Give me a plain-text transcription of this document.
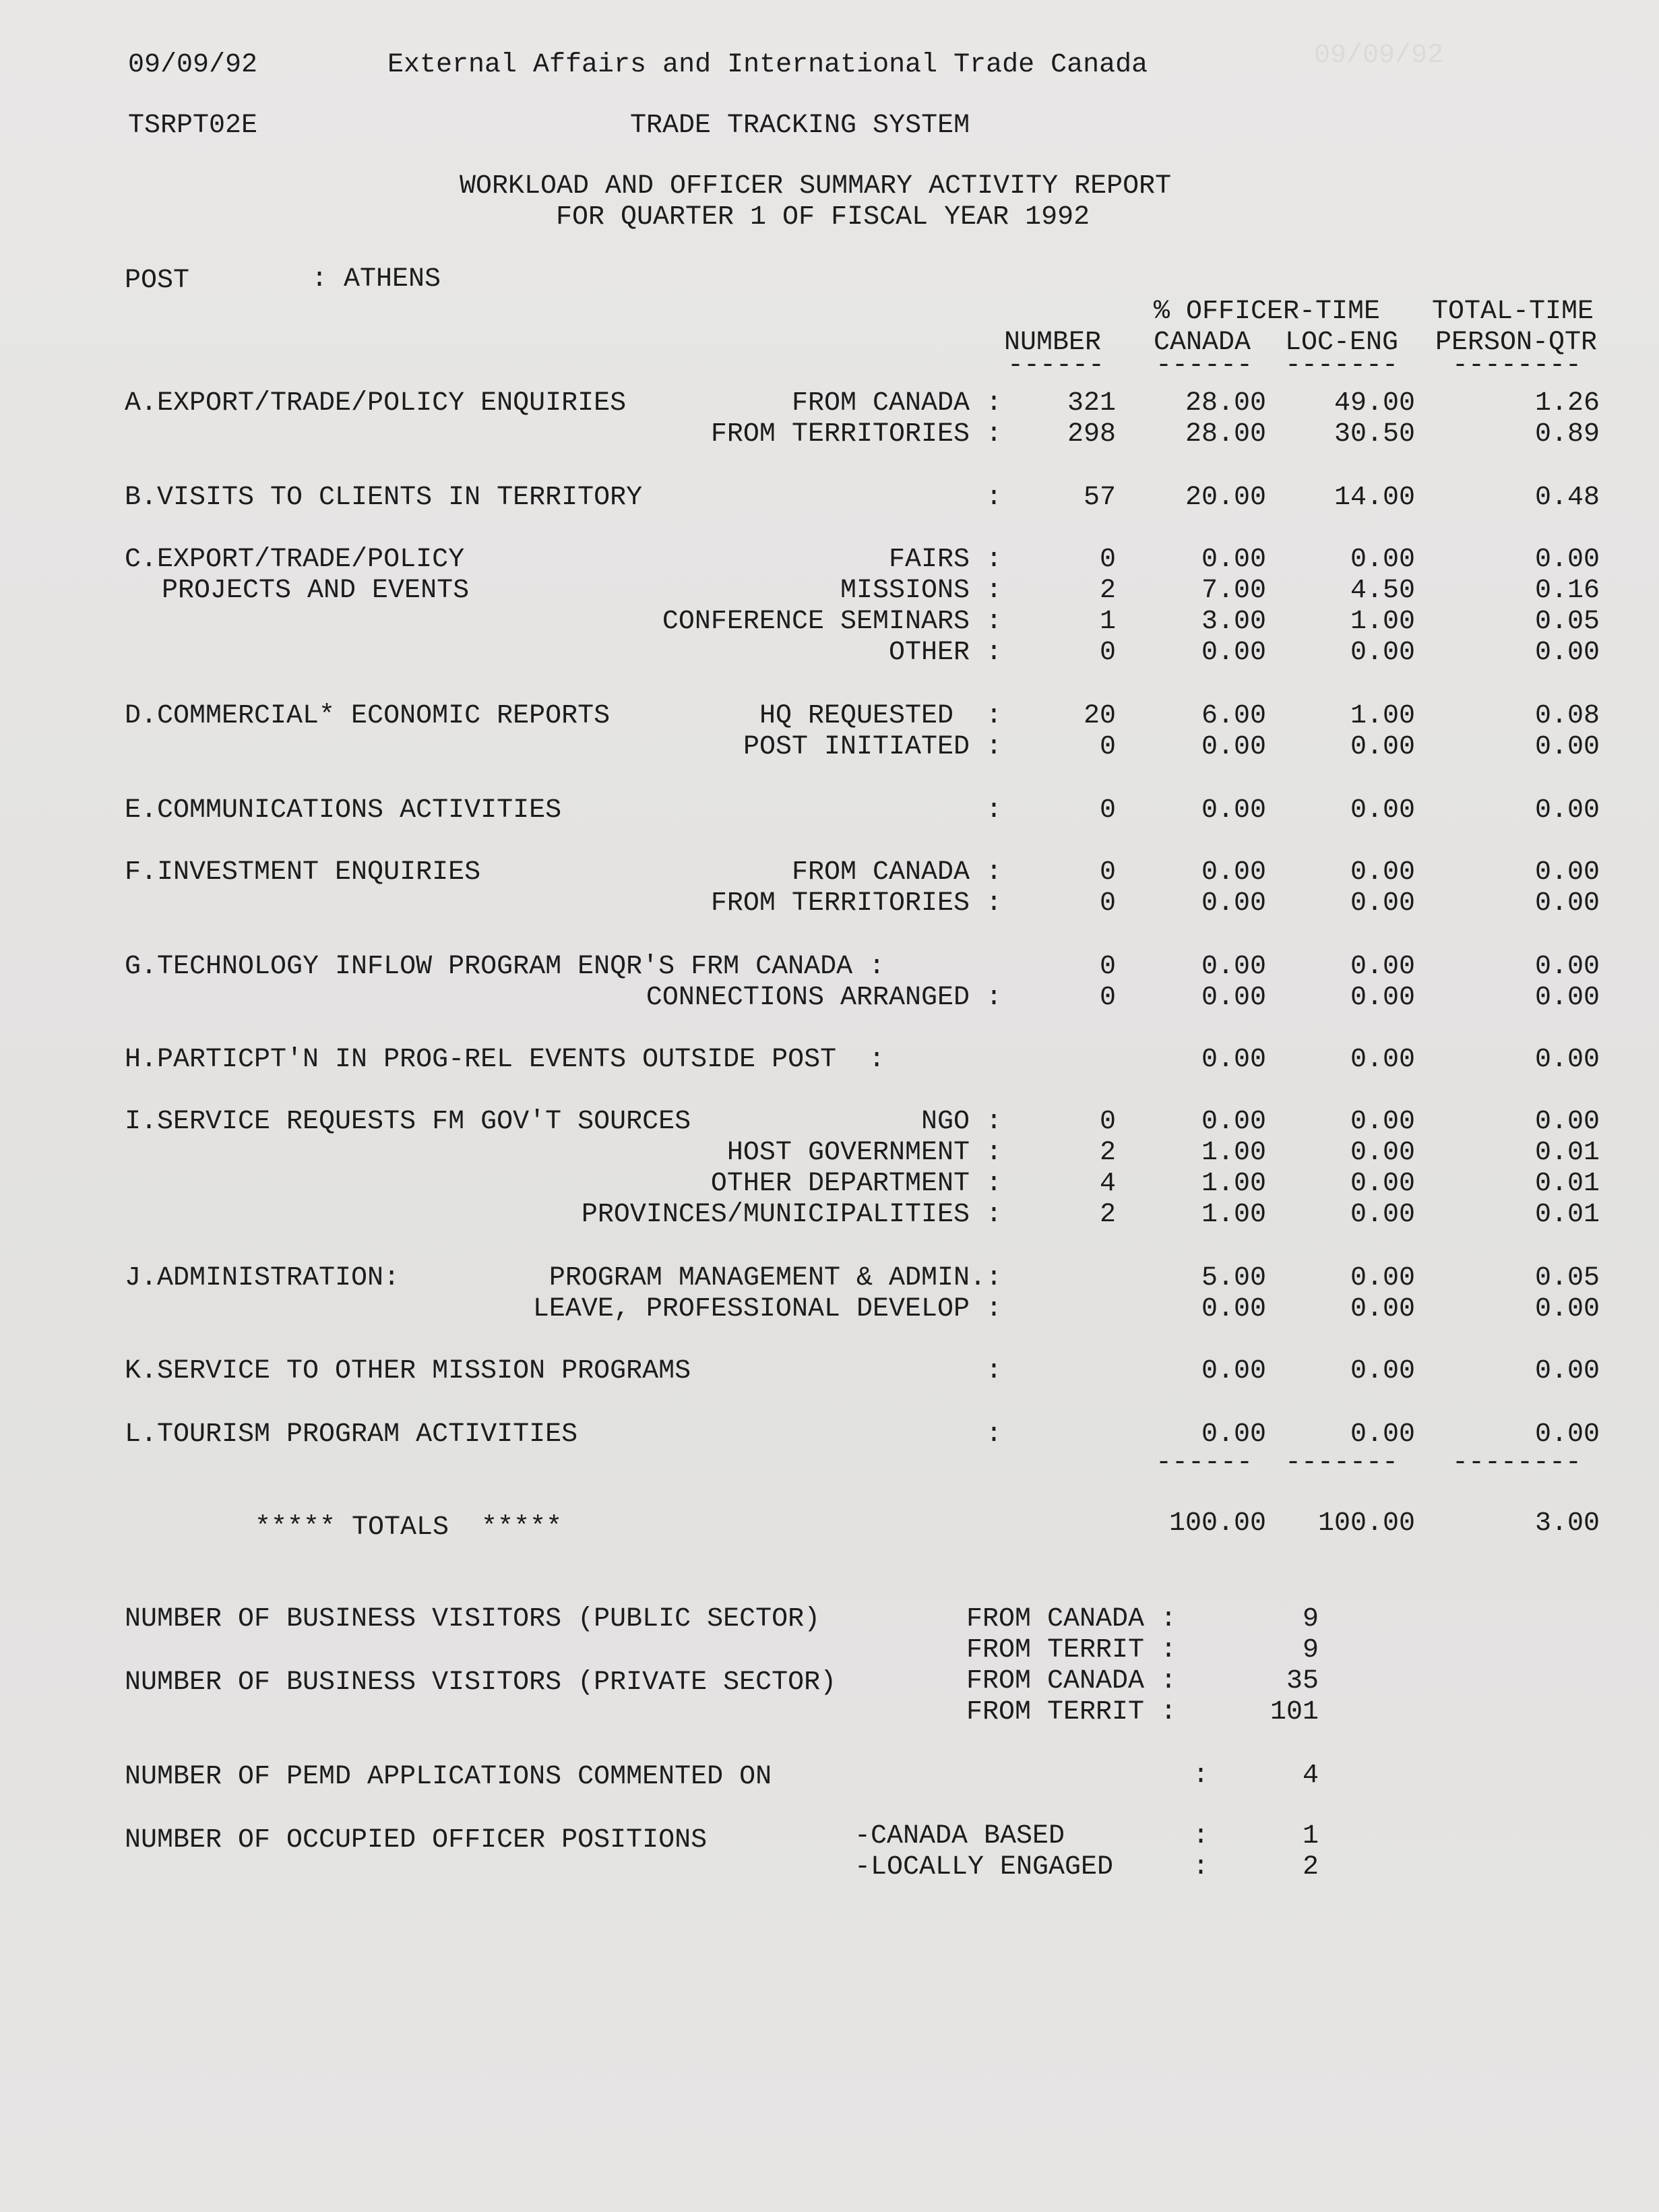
09/09/92
09/09/92	External Affairs and International Trade Canada
TSRPT02E	TRADE TRACKING SYSTEM
WORKLOAD AND OFFICER SUMMARY ACTIVITY REPORT
FOR QUARTER 1 OF FISCAL YEAR 1992
POST	: ATHENS
% OFFICER-TIME TOTAL-TIME
NUMBER CANADA LOC-ENG PERSON-QTR
------ ------ ------- --------
A.EXPORT/TRADE/POLICY ENQUIRIES	FROM CANADA : 321	28.00	49.00	1.26
FROM TERRITORIES : 298	28.00	30.50	0.89
B.VISITS TO CLIENTS IN TERRITORY	:	57	20.00	14.00	0.48
C.EXPORT/TRADE/POLICY
PROJECTS AND EVENTS
FAIRS :	0	0.00	0.00	0.00
MISSIONS :	2	7.00	4.50	0.16
CONFERENCE SEMINARS :	1	3.00	1.00	0.05
OTHER :	0	0.00	0.00	0.00
D.COMMERCIAL* ECONOMIC REPORTS	HQ REQUESTED  :	20	6.00	1.00	0.08
POST INITIATED :	0	0.00	0.00	0.00
E.COMMUNICATIONS ACTIVITIES	:	0	0.00	0.00	0.00
F.INVESTMENT ENQUIRIES	FROM CANADA :	0	0.00	0.00	0.00
FROM TERRITORIES :	0	0.00	0.00	0.00
G.TECHNOLOGY INFLOW PROGRAM ENQR'S FRM CANADA :	0	0.00	0.00	0.00
CONNECTIONS ARRANGED :	0	0.00	0.00	0.00
H.PARTICPT'N IN PROG-REL EVENTS OUTSIDE POST  :	0.00	0.00	0.00
I.SERVICE REQUESTS FM GOV'T SOURCES	NGO :	0	0.00	0.00	0.00
HOST GOVERNMENT :	2	1.00	0.00	0.01
OTHER DEPARTMENT :	4	1.00	0.00	0.01
PROVINCES/MUNICIPALITIES :	2	1.00	0.00	0.01
J.ADMINISTRATION:	PROGRAM MANAGEMENT & ADMIN.:	5.00	0.00	0.05
LEAVE, PROFESSIONAL DEVELOP :	0.00	0.00	0.00
K.SERVICE TO OTHER MISSION PROGRAMS	:	0.00	0.00	0.00
L.TOURISM PROGRAM ACTIVITIES	:	0.00	0.00	0.00
------ ------- --------
***** TOTALS  *****	100.00 100.00	3.00
NUMBER OF BUSINESS VISITORS (PUBLIC SECTOR)	FROM CANADA :	9
FROM TERRIT :	9
NUMBER OF BUSINESS VISITORS (PRIVATE SECTOR)	FROM CANADA :	35
FROM TERRIT :	101
NUMBER OF PEMD APPLICATIONS COMMENTED ON	:	4
NUMBER OF OCCUPIED OFFICER POSITIONS	-CANADA BASED	:	1
-LOCALLY ENGAGED	:	2
